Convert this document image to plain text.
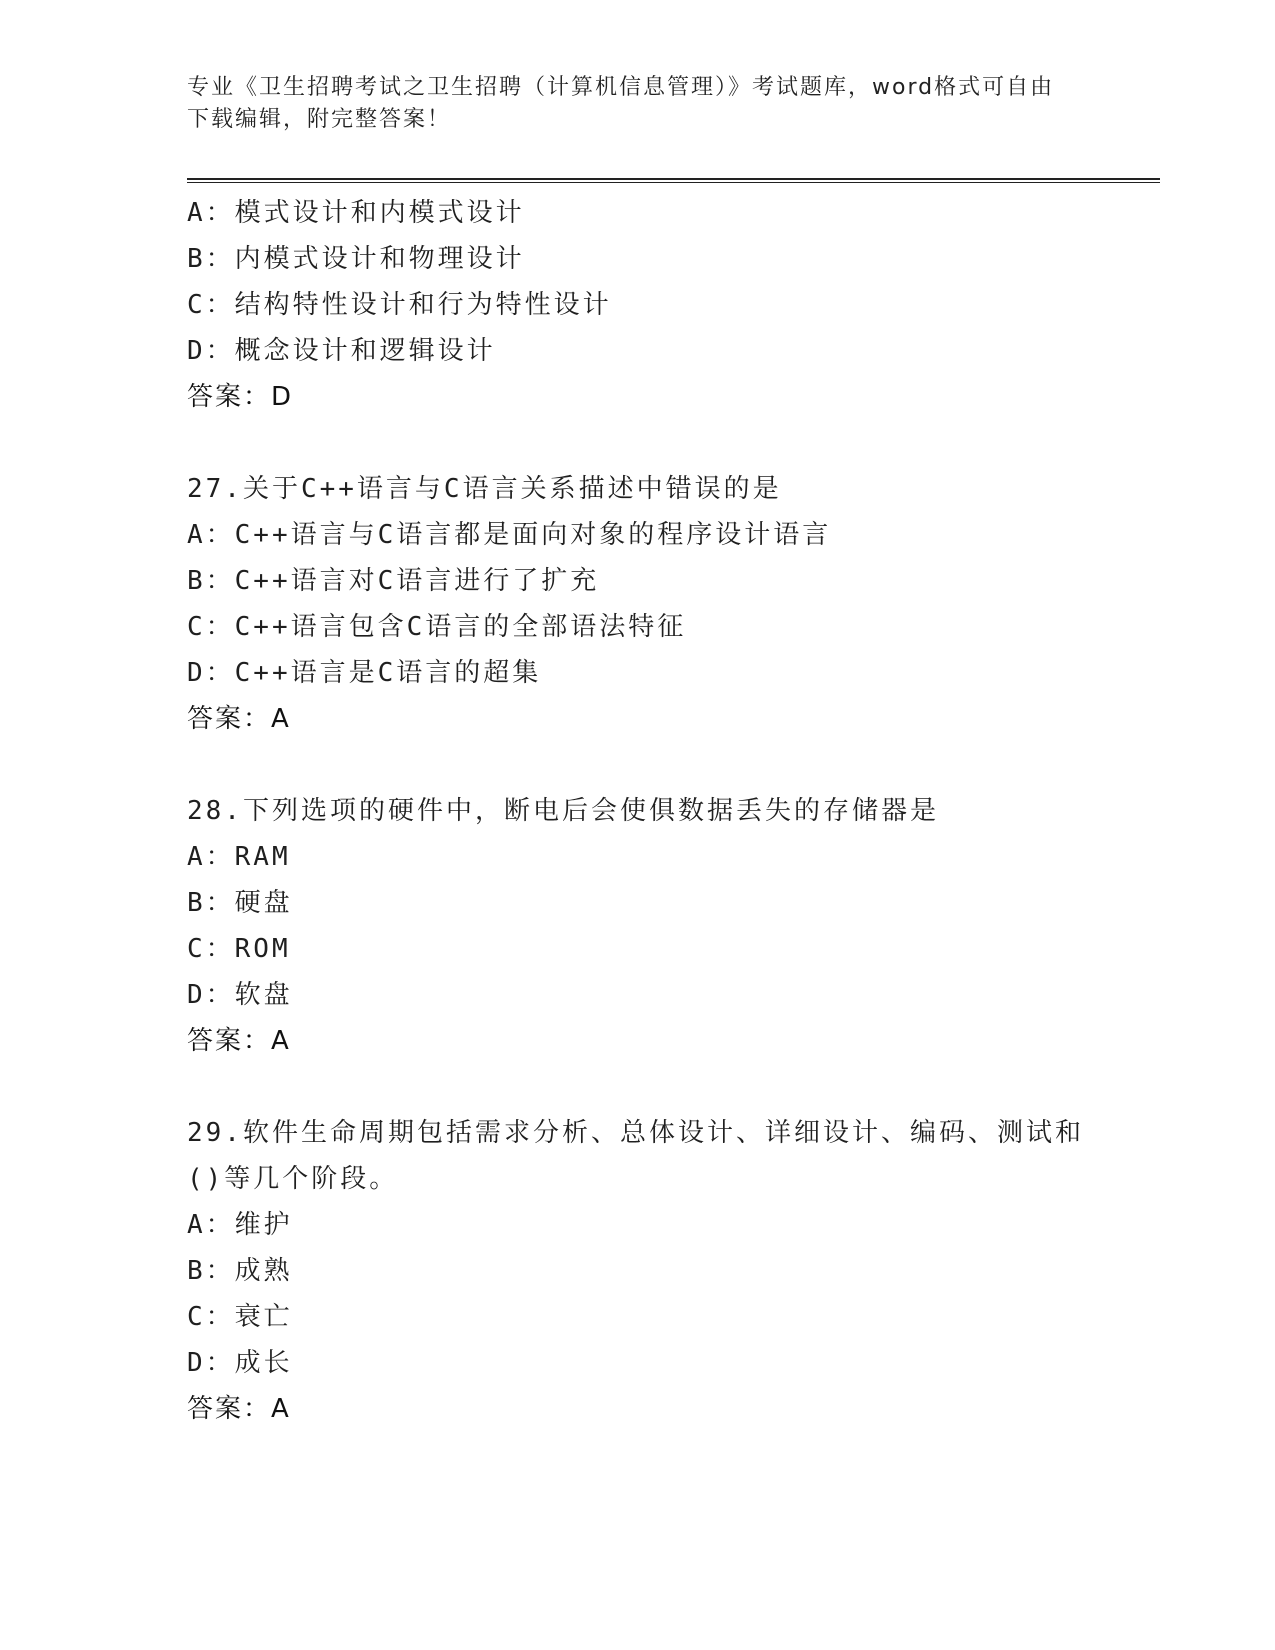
专业《卫生招聘考试之卫生招聘（计算机信息管理）》考试题库，word格式可自由下载编辑，附完整答案！
A：模式设计和内模式设计
B：内模式设计和物理设计
C：结构特性设计和行为特性设计
D：概念设计和逻辑设计
答案：D
27.关于C++语言与C语言关系描述中错误的是
A：C++语言与C语言都是面向对象的程序设计语言
B：C++语言对C语言进行了扩充
C：C++语言包含C语言的全部语法特征
D：C++语言是C语言的超集
答案：A
28.下列选项的硬件中，断电后会使俱数据丢失的存储器是
A：RAM
B：硬盘
C：ROM
D：软盘
答案：A
29.软件生命周期包括需求分析、总体设计、详细设计、编码、测试和
()等几个阶段。
A：维护
B：成熟
C：衰亡
D：成长
答案：A
